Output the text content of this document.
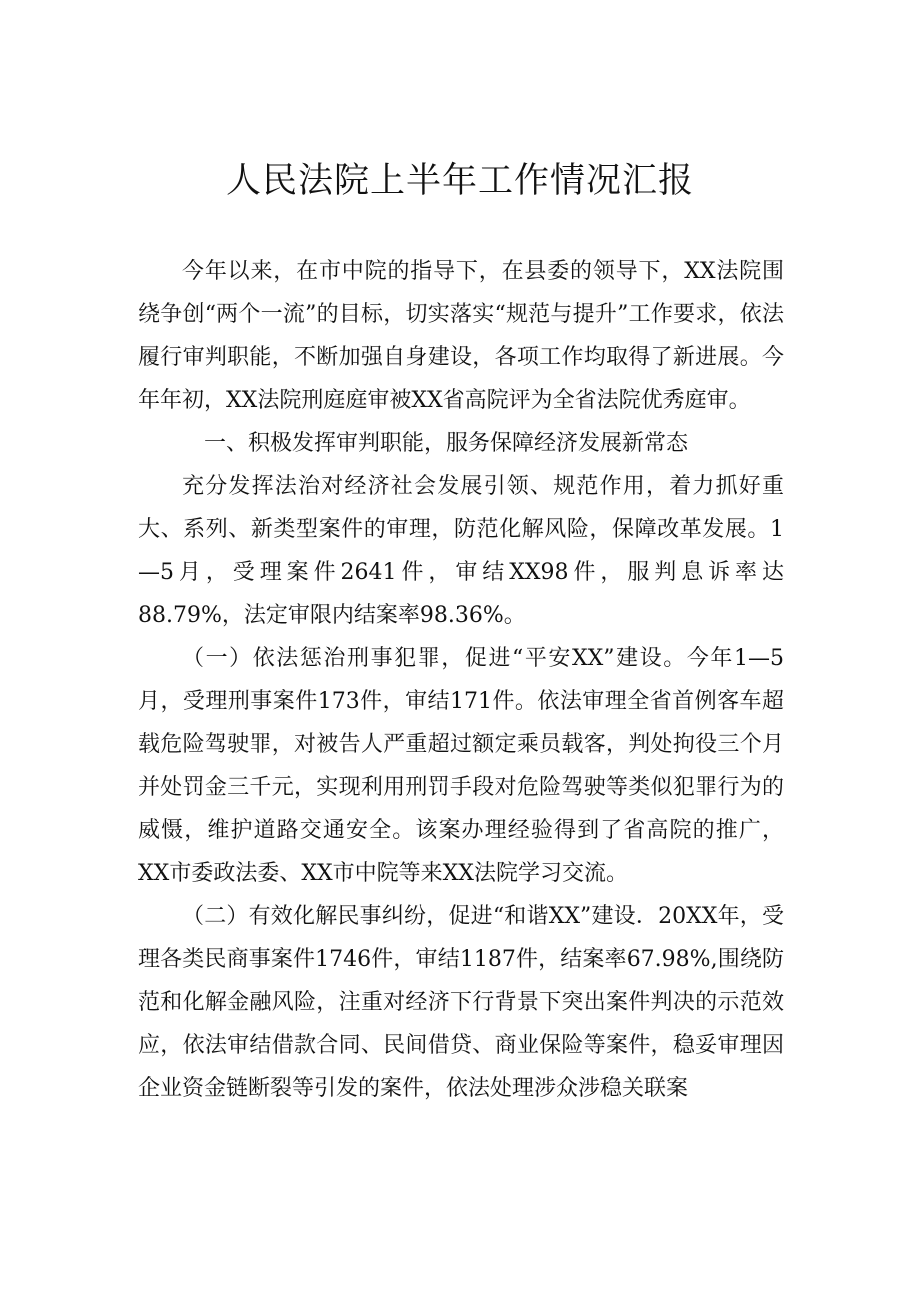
人民法院上半年工作情况汇报

今年以来，在市中院的指导下，在县委的领导下，XX法院围绕争创“两个一流”的目标，切实落实“规范与提升”工作要求，依法履行审判职能，不断加强自身建设，各项工作均取得了新进展。今年年初，XX法院刑庭庭审被XX省高院评为全省法院优秀庭审。

一、积极发挥审判职能，服务保障经济发展新常态

充分发挥法治对经济社会发展引领、规范作用，着力抓好重大、系列、新类型案件的审理，防范化解风险，保障改革发展。1—5月，受理案件2641件，审结XX98件，服判息诉率达88.79%，法定审限内结案率98.36%。

（一）依法惩治刑事犯罪，促进“平安XX”建设。今年1—5月，受理刑事案件173件，审结171件。依法审理全省首例客车超载危险驾驶罪，对被告人严重超过额定乘员载客，判处拘役三个月并处罚金三千元，实现利用刑罚手段对危险驾驶等类似犯罪行为的威慑，维护道路交通安全。该案办理经验得到了省高院的推广，XX市委政法委、XX市中院等来XX法院学习交流。

（二）有效化解民事纠纷，促进“和谐XX”建设．20XX年，受理各类民商事案件1746件，审结1187件，结案率67.98%,围绕防范和化解金融风险，注重对经济下行背景下突出案件判决的示范效应，依法审结借款合同、民间借贷、商业保险等案件，稳妥审理因企业资金链断裂等引发的案件，依法处理涉众涉稳关联案
